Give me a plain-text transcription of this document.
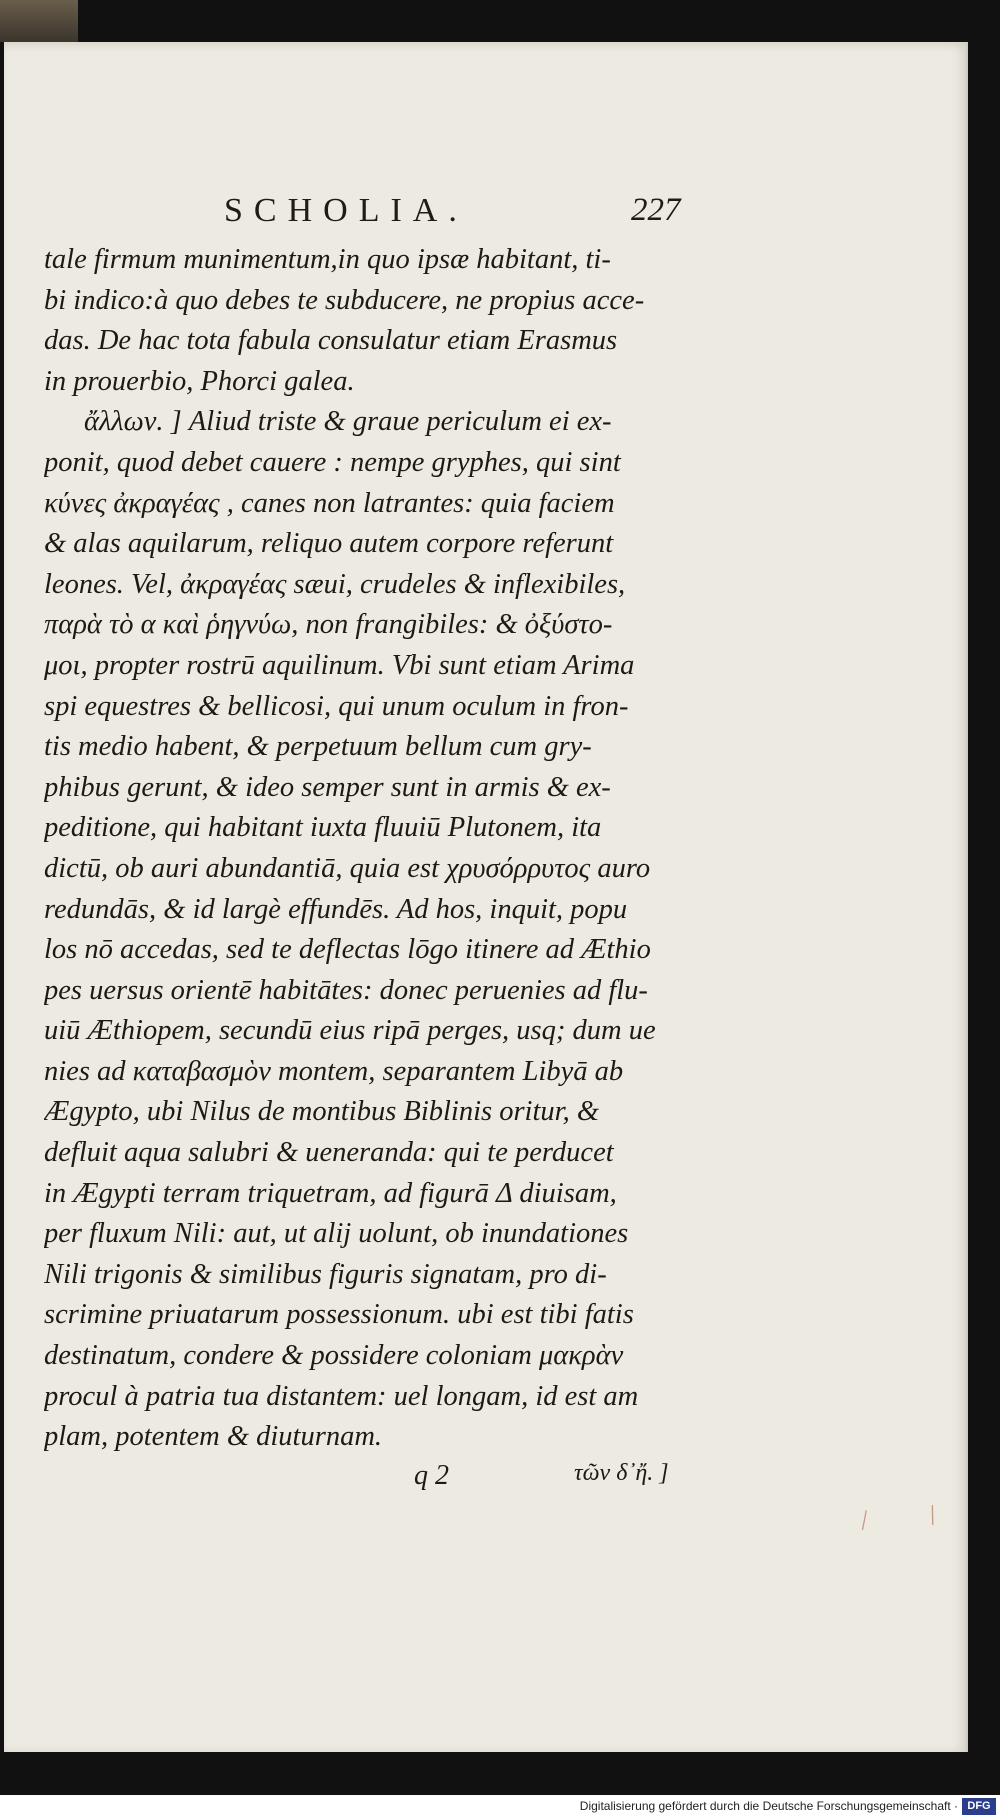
SCHOLIA.	227
tale firmum munimentum,in quo ipsæ habitant, ti-
bi indico:à quo debes te subducere, ne propius acce-
das. De hac tota fabula consulatur etiam Erasmus
in prouerbio, Phorci galea.
ἄλλων. ] Aliud triste & graue periculum ei ex-
ponit, quod debet cauere : nempe gryphes, qui sint
κύνες ἀκραγέας , canes non latrantes: quia faciem
& alas aquilarum, reliquo autem corpore referunt
leones. Vel, ἀκραγέας sæui, crudeles & inflexibiles,
παρὰ τὸ α καὶ ῥηγνύω, non frangibiles: & ὀξύστο-
μοι, propter rostrū aquilinum. Vbi sunt etiam Arima
spi equestres & bellicosi, qui unum oculum in fron-
tis medio habent, & perpetuum bellum cum gry-
phibus gerunt, & ideo semper sunt in armis & ex-
peditione, qui habitant iuxta fluuiū Plutonem, ita
dictū, ob auri abundantiā, quia est χρυσόρρυτος auro
redundās, & id largè effundēs. Ad hos, inquit, popu
los nō accedas, sed te deflectas lōgo itinere ad Æthio
pes uersus orientē habitātes: donec peruenies ad flu-
uiū Æthiopem, secundū eius ripā perges, usq; dum ue
nies ad καταβασμὸν montem, separantem Libyā ab
Ægypto, ubi Nilus de montibus Biblinis oritur, &
defluit aqua salubri & ueneranda: qui te perducet
in Ægypti terram triquetram, ad figurā Δ diuisam,
per fluxum Nili: aut, ut alij uolunt, ob inundationes
Nili trigonis & similibus figuris signatam, pro di-
scrimine priuatarum possessionum. ubi est tibi fatis
destinatum, condere & possidere coloniam μακρὰν
procul à patria tua distantem: uel longam, id est am
plam, potentem & diuturnam.
q 2	τῶν δ᾽ἤ. ]
\ /
Digitalisierung gefördert durch die Deutsche Forschungsgemeinschaft · DFG
